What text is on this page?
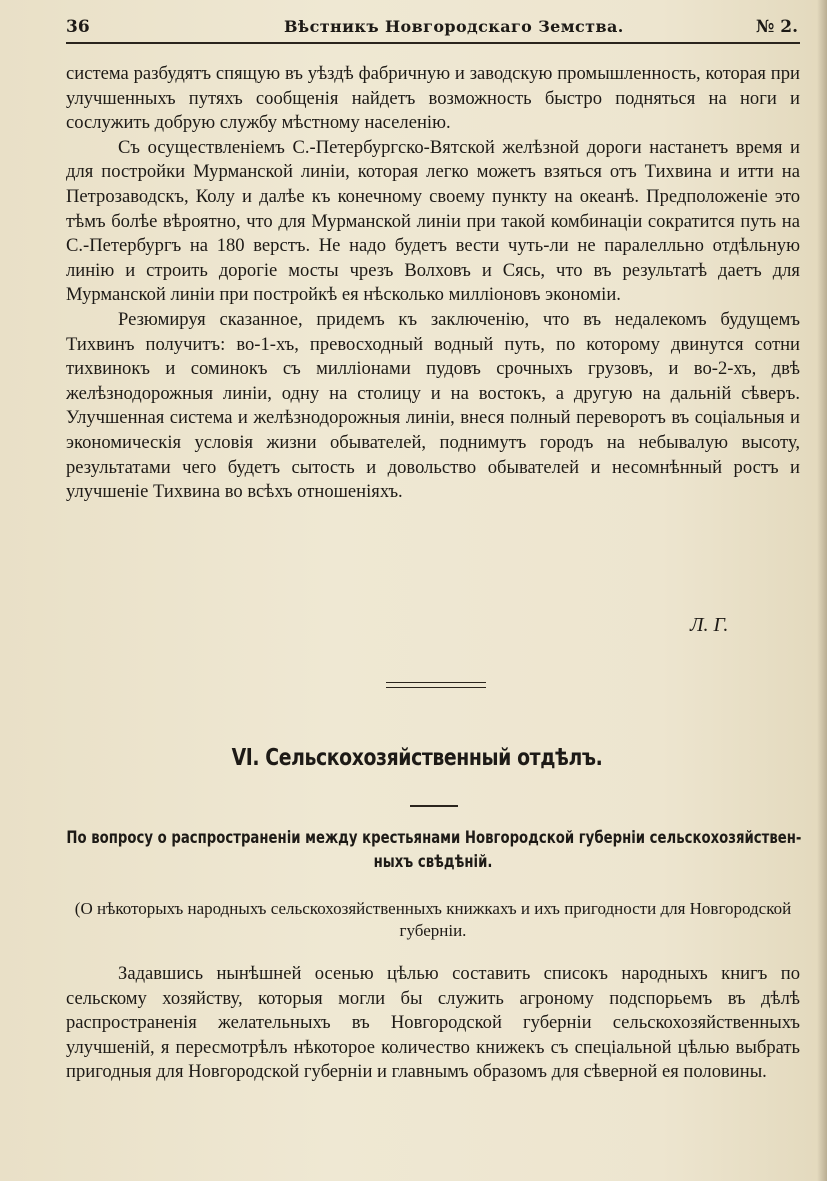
36	Вѣстникъ Новгородскаго Земства.	№ 2.

система разбудятъ спящую въ уѣздѣ фабричную и заводскую промышленность, которая при улучшенныхъ путяхъ сообщенія найдетъ возможность быстро подняться на ноги и сослужить добрую службу мѣстному населенію.

Съ осуществленіемъ С.-Петербургско-Вятской желѣзной дороги настанетъ время и для постройки Мурманской линіи, которая легко можетъ взяться отъ Тихвина и итти на Петрозаводскъ, Колу и далѣе къ конечному своему пункту на океанѣ. Предположеніе это тѣмъ болѣе вѣроятно, что для Мурманской линіи при такой комбинаціи сократится путь на С.-Петербургъ на 180 верстъ. Не надо будетъ вести чуть-ли не паралелльно отдѣльную линію и строить дорогіе мосты чрезъ Волховъ и Сясь, что въ результатѣ даетъ для Мурманской линіи при постройкѣ ея нѣсколько милліоновъ экономіи.

Резюмируя сказанное, придемъ къ заключенію, что въ недалекомъ будущемъ Тихвинъ получитъ: во-1-хъ, превосходный водный путь, по которому двинутся сотни тихвинокъ и соминокъ съ милліонами пудовъ срочныхъ грузовъ, и во-2-хъ, двѣ желѣзнодорожныя линіи, одну на столицу и на востокъ, а другую на дальній сѣверъ. Улучшенная система и желѣзнодорожныя линіи, внеся полный переворотъ въ соціальныя и экономическія условія жизни обывателей, поднимутъ городъ на небывалую высоту, результатами чего будетъ сытость и довольство обывателей и несомнѣнный ростъ и улучшеніе Тихвина во всѣхъ отношеніяхъ.

Л. Г.
VI. Сельскохозяйственный отдѣлъ.
По вопросу о распространеніи между крестьянами Новгородской губерніи сельскохозяйствен-
ныхъ свѣдѣній.
(О нѣкоторыхъ народныхъ сельскохозяйственныхъ книжкахъ и ихъ пригодности для Новгородской губерніи.

Задавшись нынѣшней осенью цѣлью составить списокъ народныхъ книгъ по сельскому хозяйству, которыя могли бы служить агроному подспорьемъ въ дѣлѣ распространенія желательныхъ въ Новгородской губерніи сельскохозяйственныхъ улучшеній, я пересмотрѣлъ нѣкоторое количество книжекъ съ спеціальной цѣлью выбрать пригодныя для Новгородской губерніи и главнымъ образомъ для сѣверной ея половины.
